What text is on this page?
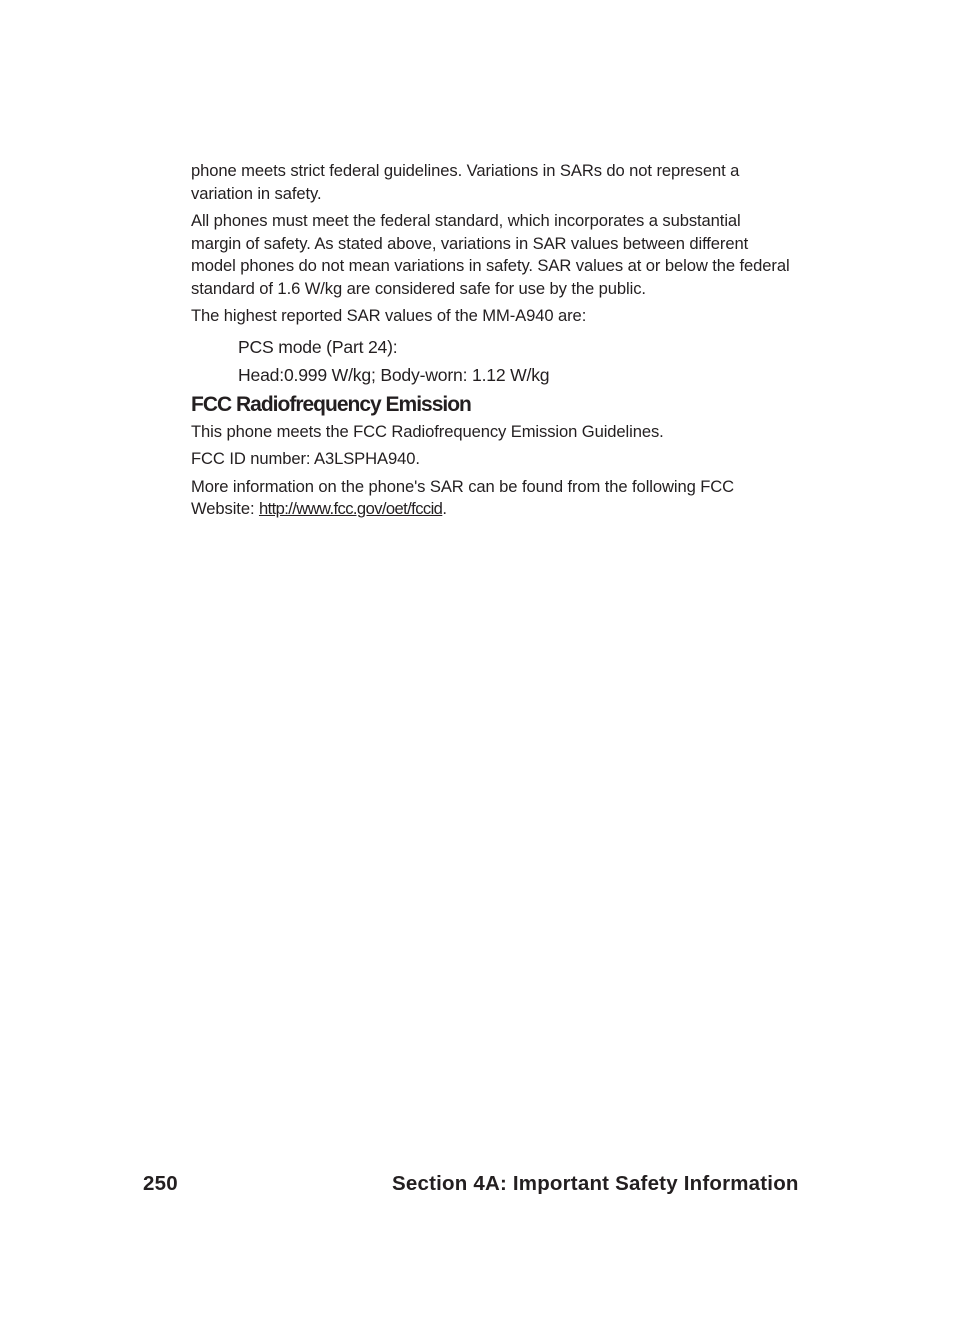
phone meets strict federal guidelines. Variations in SARs do not represent a variation in safety.

All phones must meet the federal standard, which incorporates a substantial margin of safety. As stated above, variations in SAR values between different model phones do not mean variations in safety. SAR values at or below the federal standard of 1.6 W/kg are considered safe for use by the public.

The highest reported SAR values of the MM-A940 are:

PCS mode (Part 24):

Head:0.999 W/kg; Body-worn: 1.12 W/kg

FCC Radiofrequency Emission

This phone meets the FCC Radiofrequency Emission Guidelines.

FCC ID number: A3LSPHA940.

More information on the phone's SAR can be found from the following FCC Website: http://www.fcc.gov/oet/fccid.

250	Section 4A: Important Safety Information
